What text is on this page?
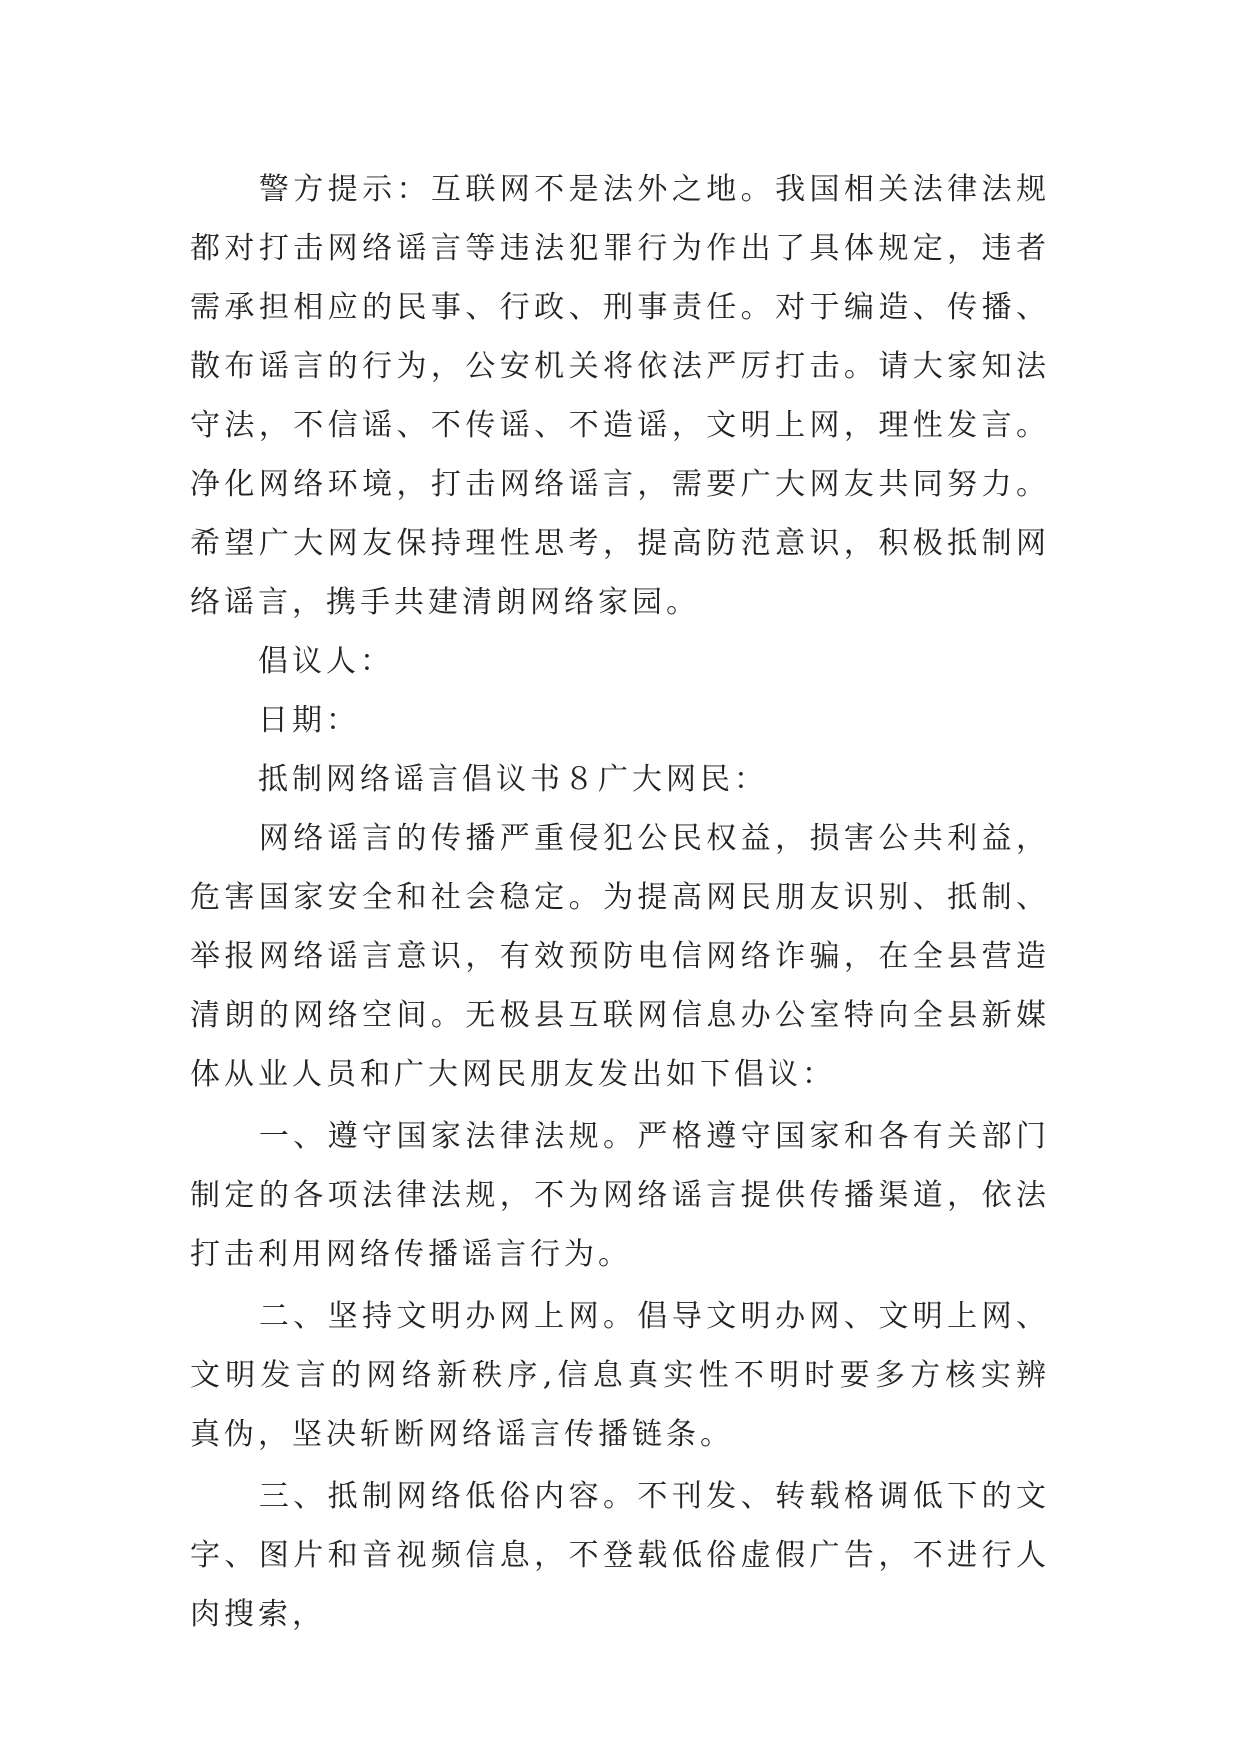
　　警方提示：互联网不是法外之地。我国相关法律法规都对打击网络谣言等违法犯罪行为作出了具体规定，违者需承担相应的民事、行政、刑事责任。对于编造、传播、散布谣言的行为，公安机关将依法严厉打击。请大家知法守法，不信谣、不传谣、不造谣，文明上网，理性发言。净化网络环境，打击网络谣言，需要广大网友共同努力。希望广大网友保持理性思考，提高防范意识，积极抵制网络谣言，携手共建清朗网络家园。

　　倡议人：

　　日期：

　　抵制网络谣言倡议书８广大网民：

　　网络谣言的传播严重侵犯公民权益，损害公共利益，危害国家安全和社会稳定。为提高网民朋友识别、抵制、举报网络谣言意识，有效预防电信网络诈骗，在全县营造清朗的网络空间。无极县互联网信息办公室特向全县新媒体从业人员和广大网民朋友发出如下倡议：

　　一、遵守国家法律法规。严格遵守国家和各有关部门制定的各项法律法规，不为网络谣言提供传播渠道，依法打击利用网络传播谣言行为。

　　二、坚持文明办网上网。倡导文明办网、文明上网、文明发言的网络新秩序,信息真实性不明时要多方核实辨真伪，坚决斩断网络谣言传播链条。

　　三、抵制网络低俗内容。不刊发、转载格调低下的文字、图片和音视频信息，不登载低俗虚假广告，不进行人肉搜索，
